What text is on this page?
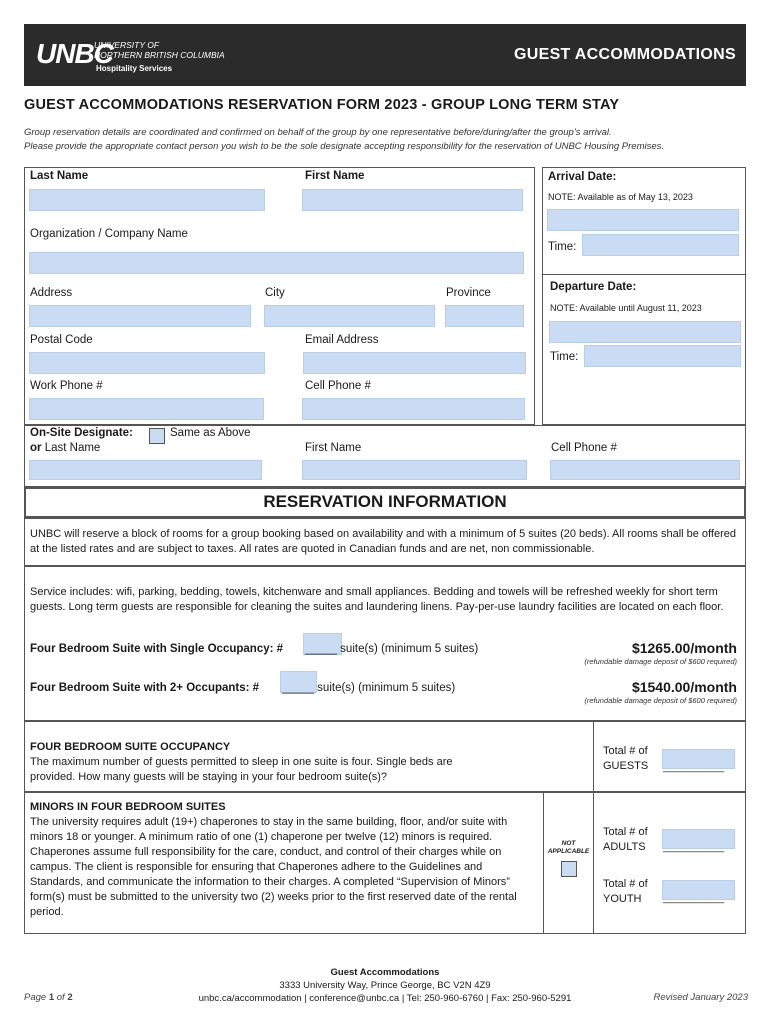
UNBC
UNIVERSITY OF
NORTHERN BRITISH COLUMBIA
Hospitality Services
GUEST ACCOMMODATIONS
GUEST ACCOMMODATIONS RESERVATION FORM 2023 - GROUP LONG TERM STAY
Group reservation details are coordinated and confirmed on behalf of the group by one representative before/during/after the group’s arrival.
Please provide the appropriate contact person you wish to be the sole designate accepting responsibility for the reservation of UNBC Housing Premises.
Last Name	First Name
Organization / Company Name
Address	City	Province
Postal Code	Email Address
Work Phone #	Cell Phone #
Arrival Date:
NOTE: Available as of May 13, 2023
Time:
Departure Date:
NOTE: Available until August 11, 2023
Time:
On-Site Designate:	Same as Above
or Last Name	First Name	Cell Phone #
RESERVATION INFORMATION
UNBC will reserve a block of rooms for a group booking based on availability and with a minimum of 5 suites (20 beds). All rooms shall be offered at the listed rates and are subject to taxes. All rates are quoted in Canadian funds and are net, non commissionable.
Service includes: wifi, parking, bedding, towels, kitchenware and small appliances. Bedding and towels will be refreshed weekly for short term guests. Long term guests are responsible for cleaning the suites and laundering linens. Pay-per-use laundry facilities are located on each floor.
Four Bedroom Suite with Single Occupancy: # _____ suite(s) (minimum 5 suites)	$1265.00/month
(refundable damage deposit of $600 required)
Four Bedroom Suite with 2+ Occupants: # _____ suite(s) (minimum 5 suites)	$1540.00/month
(refundable damage deposit of $600 required)
FOUR BEDROOM SUITE OCCUPANCY
The maximum number of guests permitted to sleep in one suite is four. Single beds are provided. How many guests will be staying in your four bedroom suite(s)?
Total # of
GUESTS __________
MINORS IN FOUR BEDROOM SUITES
The university requires adult (19+) chaperones to stay in the same building, floor, and/or suite with minors 18 or younger. A minimum ratio of one (1) chaperone per twelve (12) minors is required. Chaperones assume full responsibility for the care, conduct, and control of their charges while on campus. The client is responsible for ensuring that Chaperones adhere to the Guidelines and Standards, and communicate the information to their charges. A completed “Supervision of Minors” form(s) must be submitted to the university two (2) weeks prior to the first reserved date of the rental period.
NOT
APPLICABLE
Total # of
ADULTS __________
Total # of
YOUTH	__________
Page 1 of 2
Guest Accommodations
3333 University Way, Prince George, BC V2N 4Z9
unbc.ca/accommodation | conference@unbc.ca | Tel: 250-960-6760 | Fax: 250-960-5291	Revised January 2023
